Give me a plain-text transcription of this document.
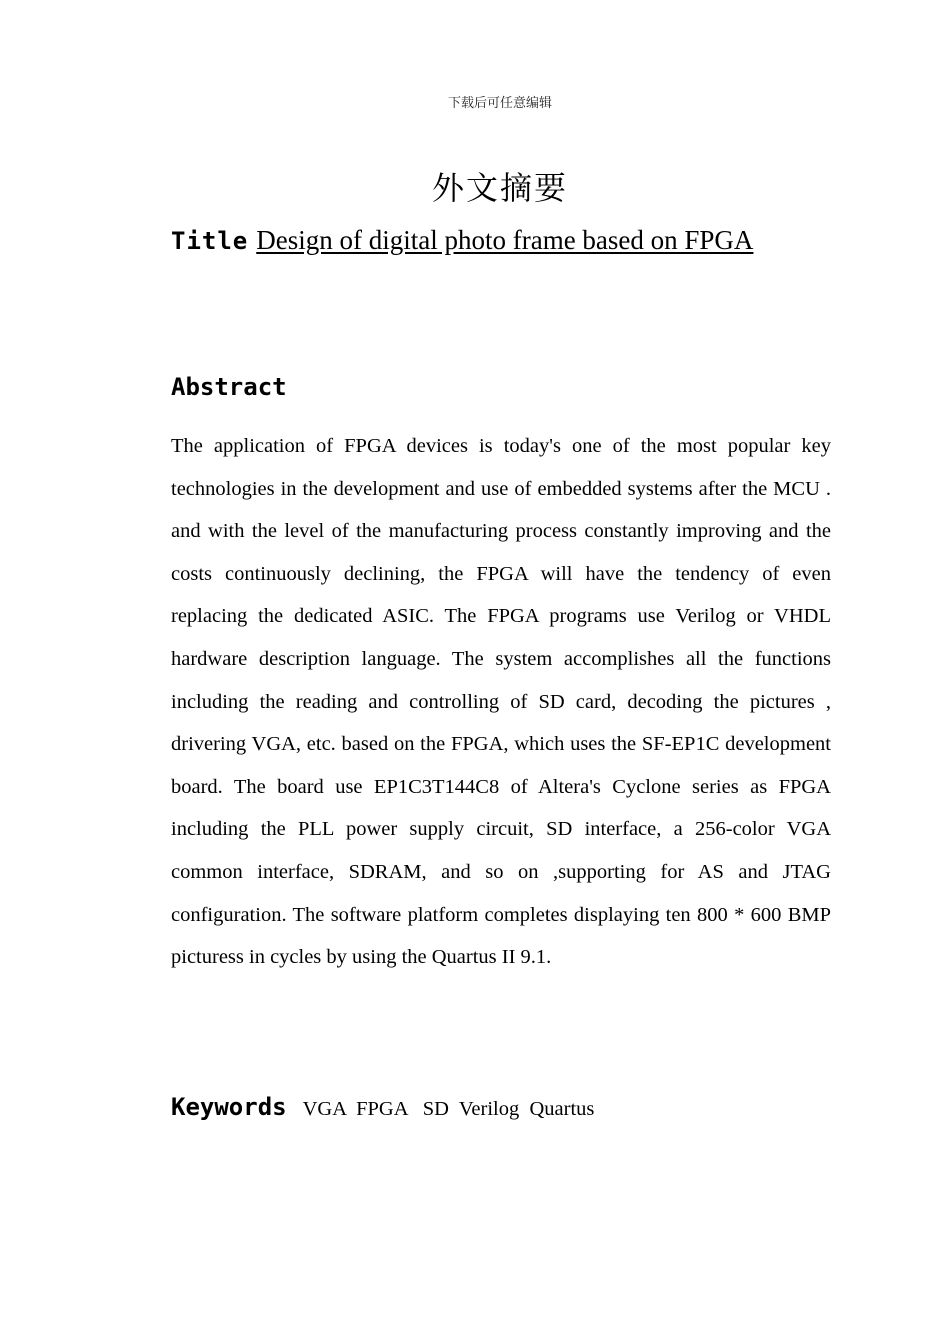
下载后可任意编辑
外文摘要
Title Design of digital photo frame based on FPGA
Abstract

The application of FPGA devices is today's one of the most popular key technologies in the development and use of embedded systems after the MCU . and with the level of the manufacturing process constantly improving and the costs continuously declining, the FPGA will have the tendency of even replacing the dedicated ASIC. The FPGA programs use Verilog or VHDL hardware description language. The system accomplishes all the functions including the reading and controlling of SD card, decoding the pictures , drivering VGA, etc. based on the FPGA, which uses the SF-EP1C development board. The board use EP1C3T144C8 of Altera's Cyclone series as FPGA including the PLL power supply circuit, SD interface, a 256-color VGA common interface, SDRAM, and so on ,supporting for AS and JTAG configuration. The software platform completes displaying ten 800 * 600 BMP picturess in cycles by using the Quartus II 9.1.

Keywords VGA  FPGA   SD  Verilog  Quartus
